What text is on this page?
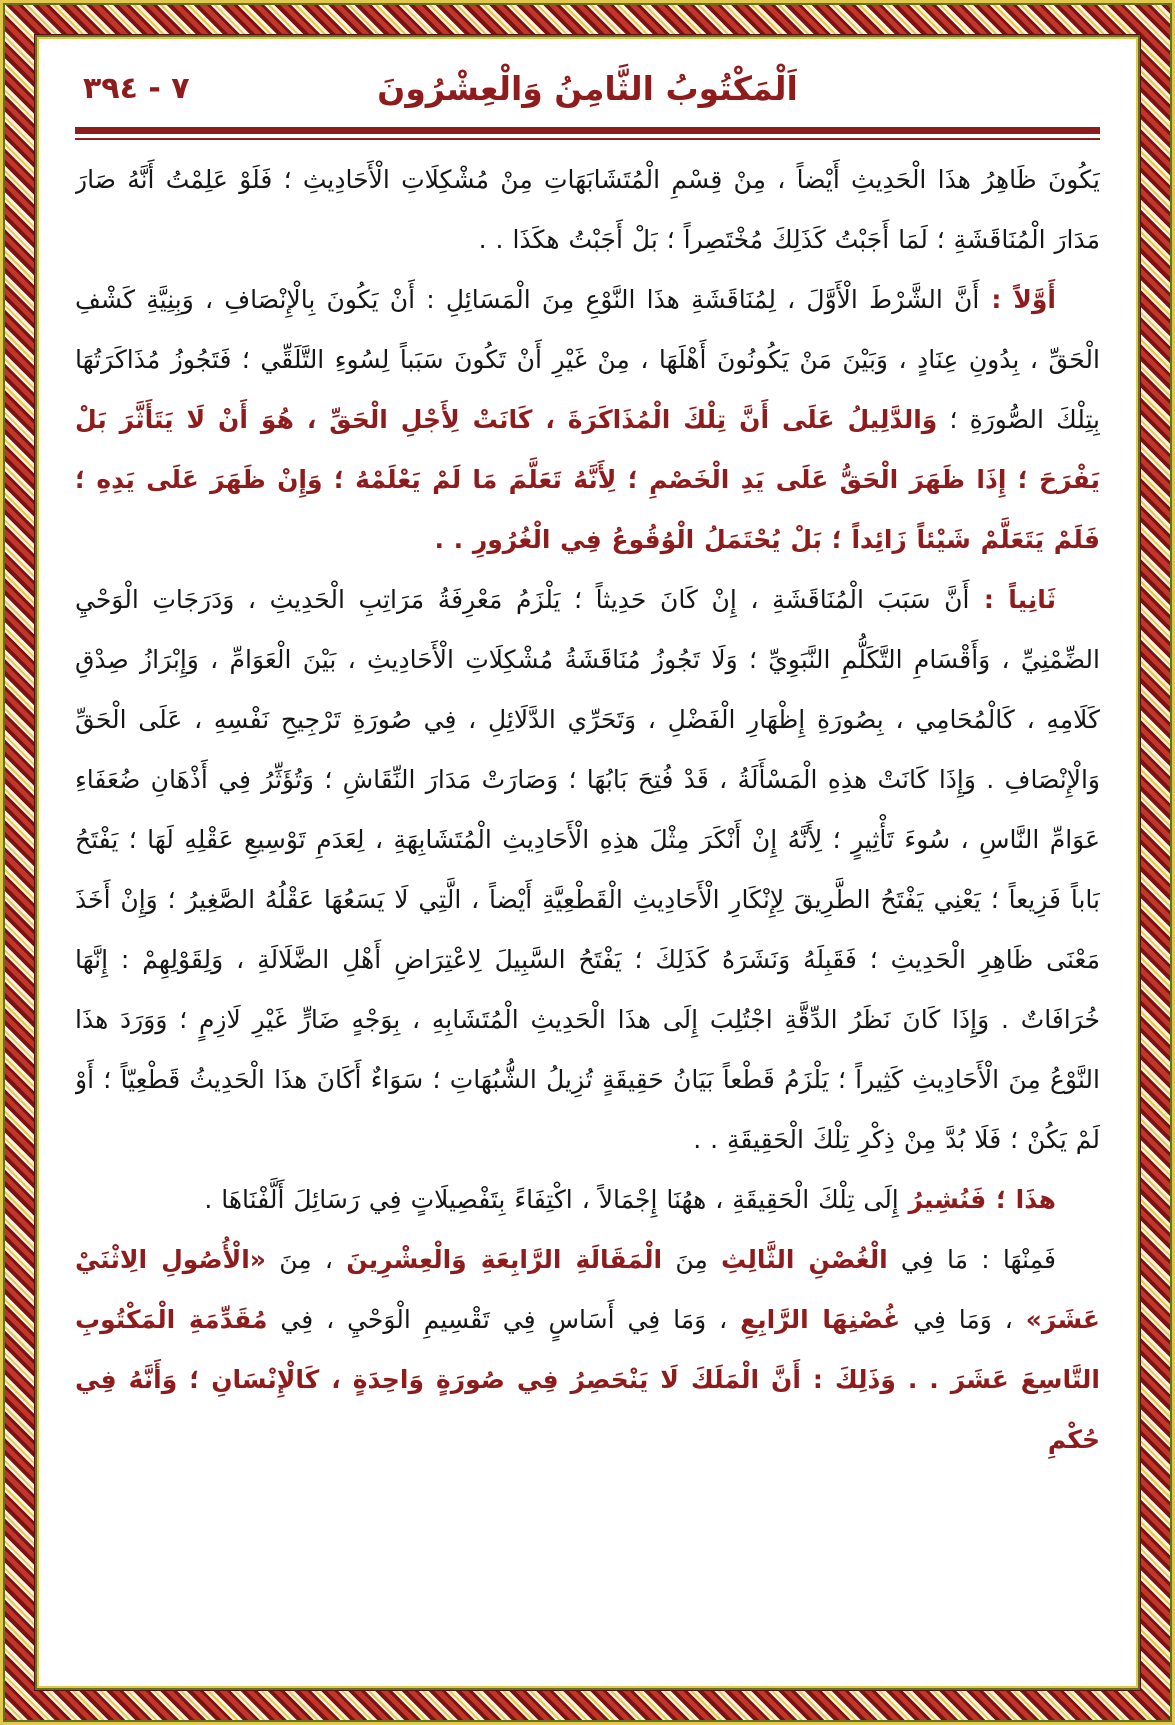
٧ - ٣٩٤	اَلْمَكْتُوبُ الثَّامِنُ وَالْعِشْرُونَ

يَكُونَ ظَاهِرُ هذَا الْحَدِيثِ أَيْضاً ، مِنْ قِسْمِ الْمُتَشَابَهَاتِ مِنْ مُشْكِلَاتِ الْأَحَادِيثِ ؛ فَلَوْ عَلِمْتُ أَنَّهُ صَارَ مَدَارَ الْمُنَاقَشَةِ ؛ لَمَا أَجَبْتُ كَذَلِكَ مُخْتَصِراً ؛ بَلْ أَجَبْتُ هكَذَا . .

أَوَّلاً : أَنَّ الشَّرْطَ الْأَوَّلَ ، لِمُنَاقَشَةِ هذَا النَّوْعِ مِنَ الْمَسَائِلِ : أَنْ يَكُونَ بِالْإِنْصَافِ ، وَبِنِيَّةِ كَشْفِ الْحَقِّ ، بِدُونِ عِنَادٍ ، وَبَيْنَ مَنْ يَكُونُونَ أَهْلَهَا ، مِنْ غَيْرِ أَنْ تَكُونَ سَبَباً لِسُوءِ التَّلَقِّي ؛ فَتَجُوزُ مُذَاكَرَتُهَا بِتِلْكَ الصُّورَةِ ؛ وَالدَّلِيلُ عَلَى أَنَّ تِلْكَ الْمُذَاكَرَةَ ، كَانَتْ لِأَجْلِ الْحَقِّ ، هُوَ أَنْ لَا يَتَأَثَّرَ بَلْ يَفْرَحَ ؛ إِذَا ظَهَرَ الْحَقُّ عَلَى يَدِ الْخَصْمِ ؛ لِأَنَّهُ تَعَلَّمَ مَا لَمْ يَعْلَمْهُ ؛ وَإِنْ ظَهَرَ عَلَى يَدِهِ ؛ فَلَمْ يَتَعَلَّمْ شَيْئاً زَائِداً ؛ بَلْ يُحْتَمَلُ الْوُقُوعُ فِي الْغُرُورِ . .

ثَانِياً : أَنَّ سَبَبَ الْمُنَاقَشَةِ ، إِنْ كَانَ حَدِيثاً ؛ يَلْزَمُ مَعْرِفَةُ مَرَاتِبِ الْحَدِيثِ ، وَدَرَجَاتِ الْوَحْيِ الضِّمْنِيِّ ، وَأَقْسَامِ التَّكَلُّمِ النَّبَوِيِّ ؛ وَلَا تَجُوزُ مُنَاقَشَةُ مُشْكِلَاتِ الْأَحَادِيثِ ، بَيْنَ الْعَوَامِّ ، وَإِبْرَازُ صِدْقِ كَلَامِهِ ، كَالْمُحَامِي ، بِصُورَةِ إِظْهَارِ الْفَضْلِ ، وَتَحَرِّي الدَّلَائِلِ ، فِي صُورَةِ تَرْجِيحِ نَفْسِهِ ، عَلَى الْحَقِّ وَالْإِنْصَافِ . وَإِذَا كَانَتْ هذِهِ الْمَسْأَلَةُ ، قَدْ فُتِحَ بَابُهَا ؛ وَصَارَتْ مَدَارَ النِّقَاشِ ؛ وَتُؤَثِّرُ فِي أَذْهَانِ ضُعَفَاءِ عَوَامِّ النَّاسِ ، سُوءَ تَأْثِيرٍ ؛ لِأَنَّهُ إِنْ أَنْكَرَ مِثْلَ هذِهِ الْأَحَادِيثِ الْمُتَشَابِهَةِ ، لِعَدَمِ تَوْسِيعِ عَقْلِهِ لَهَا ؛ يَفْتَحُ بَاباً فَزِيعاً ؛ يَعْنِي يَفْتَحُ الطَّرِيقَ لِإِنْكَارِ الْأَحَادِيثِ الْقَطْعِيَّةِ أَيْضاً ، الَّتِي لَا يَسَعُهَا عَقْلُهُ الصَّغِيرُ ؛ وَإِنْ أَخَذَ مَعْنَى ظَاهِرِ الْحَدِيثِ ؛ فَقَبِلَهُ وَنَشَرَهُ كَذَلِكَ ؛ يَفْتَحُ السَّبِيلَ لِاعْتِرَاضِ أَهْلِ الضَّلَالَةِ ، وَلِقَوْلِهِمْ : إِنَّهَا خُرَافَاتٌ . وَإِذَا كَانَ نَظَرُ الدِّقَّةِ اجْتُلِبَ إِلَى هذَا الْحَدِيثِ الْمُتَشَابِهِ ، بِوَجْهٍ ضَارٍّ غَيْرِ لَازِمٍ ؛ وَوَرَدَ هذَا النَّوْعُ مِنَ الْأَحَادِيثِ كَثِيراً ؛ يَلْزَمُ قَطْعاً بَيَانُ حَقِيقَةٍ تُزِيلُ الشُّبُهَاتِ ؛ سَوَاءٌ أَكَانَ هذَا الْحَدِيثُ قَطْعِيّاً ؛ أَوْ لَمْ يَكُنْ ؛ فَلَا بُدَّ مِنْ ذِكْرِ تِلْكَ الْحَقِيقَةِ . .

هذَا ؛ فَنُشِيرُ إِلَى تِلْكَ الْحَقِيقَةِ ، ههُنَا إِجْمَالاً ، اكْتِفَاءً بِتَفْصِيلَاتٍ فِي رَسَائِلَ أَلَّفْنَاهَا .

فَمِنْهَا : مَا فِي الْغُصْنِ الثَّالِثِ مِنَ الْمَقَالَةِ الرَّابِعَةِ وَالْعِشْرِينَ ، مِنَ «الْأُصُولِ الِاثْنَيْ عَشَرَ» ، وَمَا فِي غُصْنِهَا الرَّابِعِ ، وَمَا فِي أَسَاسٍ فِي تَقْسِيمِ الْوَحْيِ ، فِي مُقَدِّمَةِ الْمَكْتُوبِ التَّاسِعَ عَشَرَ . . وَذَلِكَ : أَنَّ الْمَلَكَ لَا يَنْحَصِرُ فِي صُورَةٍ وَاحِدَةٍ ، كَالْإِنْسَانِ ؛ وَأَنَّهُ فِي حُكْمِ
